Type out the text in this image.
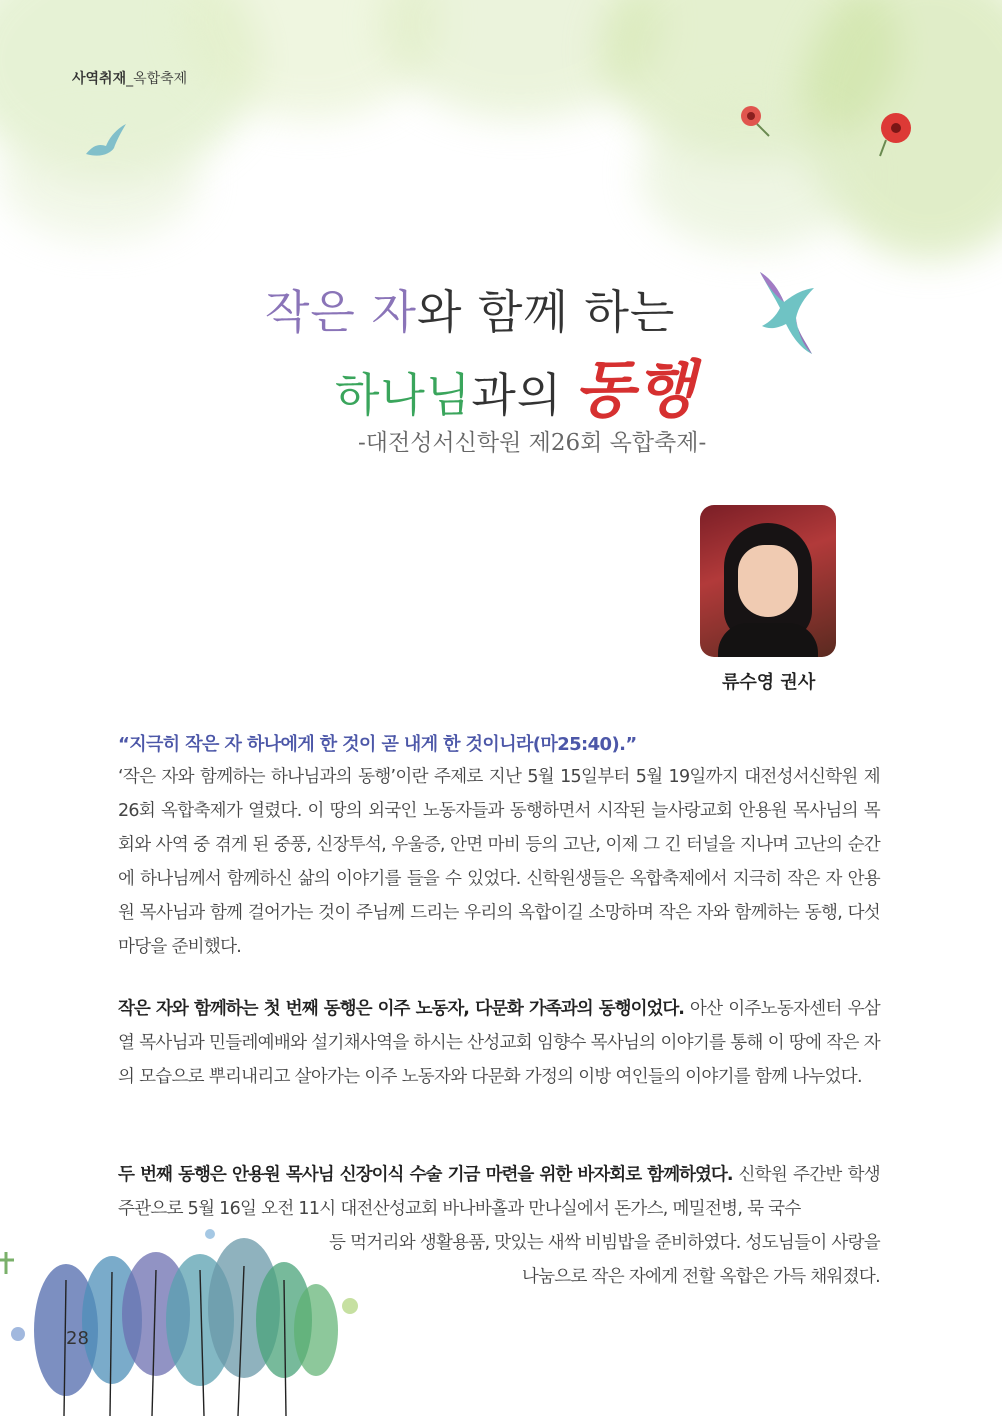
사역취재_옥합축제
작은 자와 함께 하는
하나님과의 동행
-대전성서신학원 제26회 옥합축제-
류수영 권사
“지극히 작은 자 하나에게 한 것이 곧 내게 한 것이니라(마25:40).”
‘작은 자와 함께하는 하나님과의 동행’이란 주제로 지난 5월 15일부터 5월 19일까지 대전성서신학원 제26회 옥합축제가 열렸다. 이 땅의 외국인 노동자들과 동행하면서 시작된 늘사랑교회 안용원 목사님의 목회와 사역 중 겪게 된 중풍, 신장투석, 우울증, 안면 마비 등의 고난, 이제 그 긴 터널을 지나며 고난의 순간에 하나님께서 함께하신 삶의 이야기를 들을 수 있었다. 신학원생들은 옥합축제에서 지극히 작은 자 안용원 목사님과 함께 걸어가는 것이 주님께 드리는 우리의 옥합이길 소망하며 작은 자와 함께하는 동행, 다섯 마당을 준비했다.
작은 자와 함께하는 첫 번째 동행은 이주 노동자, 다문화 가족과의 동행이었다. 아산 이주노동자센터 우삼열 목사님과 민들레예배와 설기채사역을 하시는 산성교회 임향수 목사님의 이야기를 통해 이 땅에 작은 자의 모습으로 뿌리내리고 살아가는 이주 노동자와 다문화 가정의 이방 여인들의 이야기를 함께 나누었다.
두 번째 동행은 안용원 목사님 신장이식 수술 기금 마련을 위한 바자회로 함께하였다. 신학원 주간반 학생 주관으로 5월 16일 오전 11시 대전산성교회 바나바홀과 만나실에서 돈가스, 메밀전병, 묵 국수
등 먹거리와 생활용품, 맛있는 새싹 비빔밥을 준비하였다. 성도님들이 사랑을 나눔으로 작은 자에게 전할 옥합은 가득 채워졌다.
28
